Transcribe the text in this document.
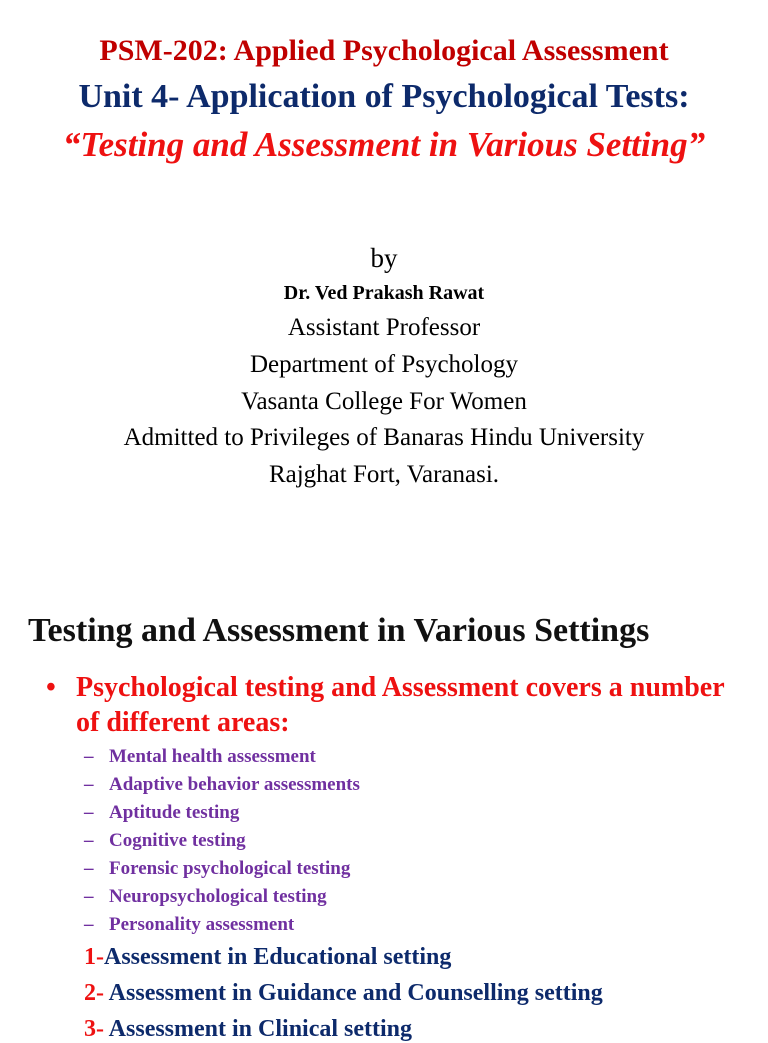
PSM-202: Applied Psychological Assessment
Unit 4- Application of Psychological Tests:
“Testing and Assessment in Various Setting”
by
Dr. Ved Prakash Rawat
Assistant Professor
Department of Psychology
Vasanta College For Women
Admitted to Privileges of Banaras Hindu University
Rajghat Fort, Varanasi.
Testing and Assessment in Various Settings
• Psychological testing and Assessment covers a number of different areas:
– Mental health assessment
– Adaptive behavior assessments
– Aptitude testing
– Cognitive testing
– Forensic psychological testing
– Neuropsychological testing
– Personality assessment
1-Assessment in Educational setting
2- Assessment in Guidance and Counselling setting
3- Assessment in Clinical setting
